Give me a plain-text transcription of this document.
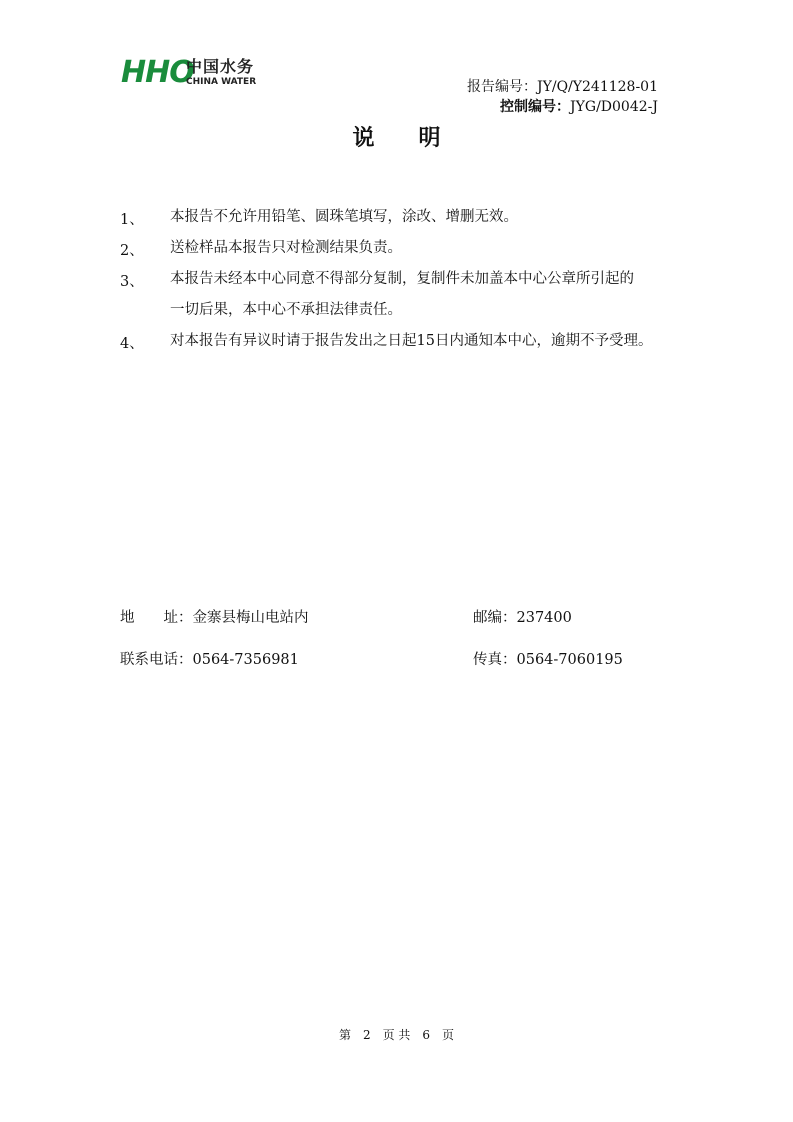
HHO
中国水务
CHINA WATER	报告编号：JY/Q/Y241128-01
控制编号：JYG/D0042-J
说　　明
1、 本报告不允许用铅笔、圆珠笔填写，涂改、增删无效。
2、 送检样品本报告只对检测结果负责。
3、 本报告未经本中心同意不得部分复制，复制件未加盖本中心公章所引起的
一切后果，本中心不承担法律责任。
4、 对本报告有异议时请于报告发出之日起15日内通知本中心，逾期不予受理。
地　　址：金寨县梅山电站内	邮编：237400
联系电话：0564-7356981	传真：0564-7060195
第　2　页 共　6　页
